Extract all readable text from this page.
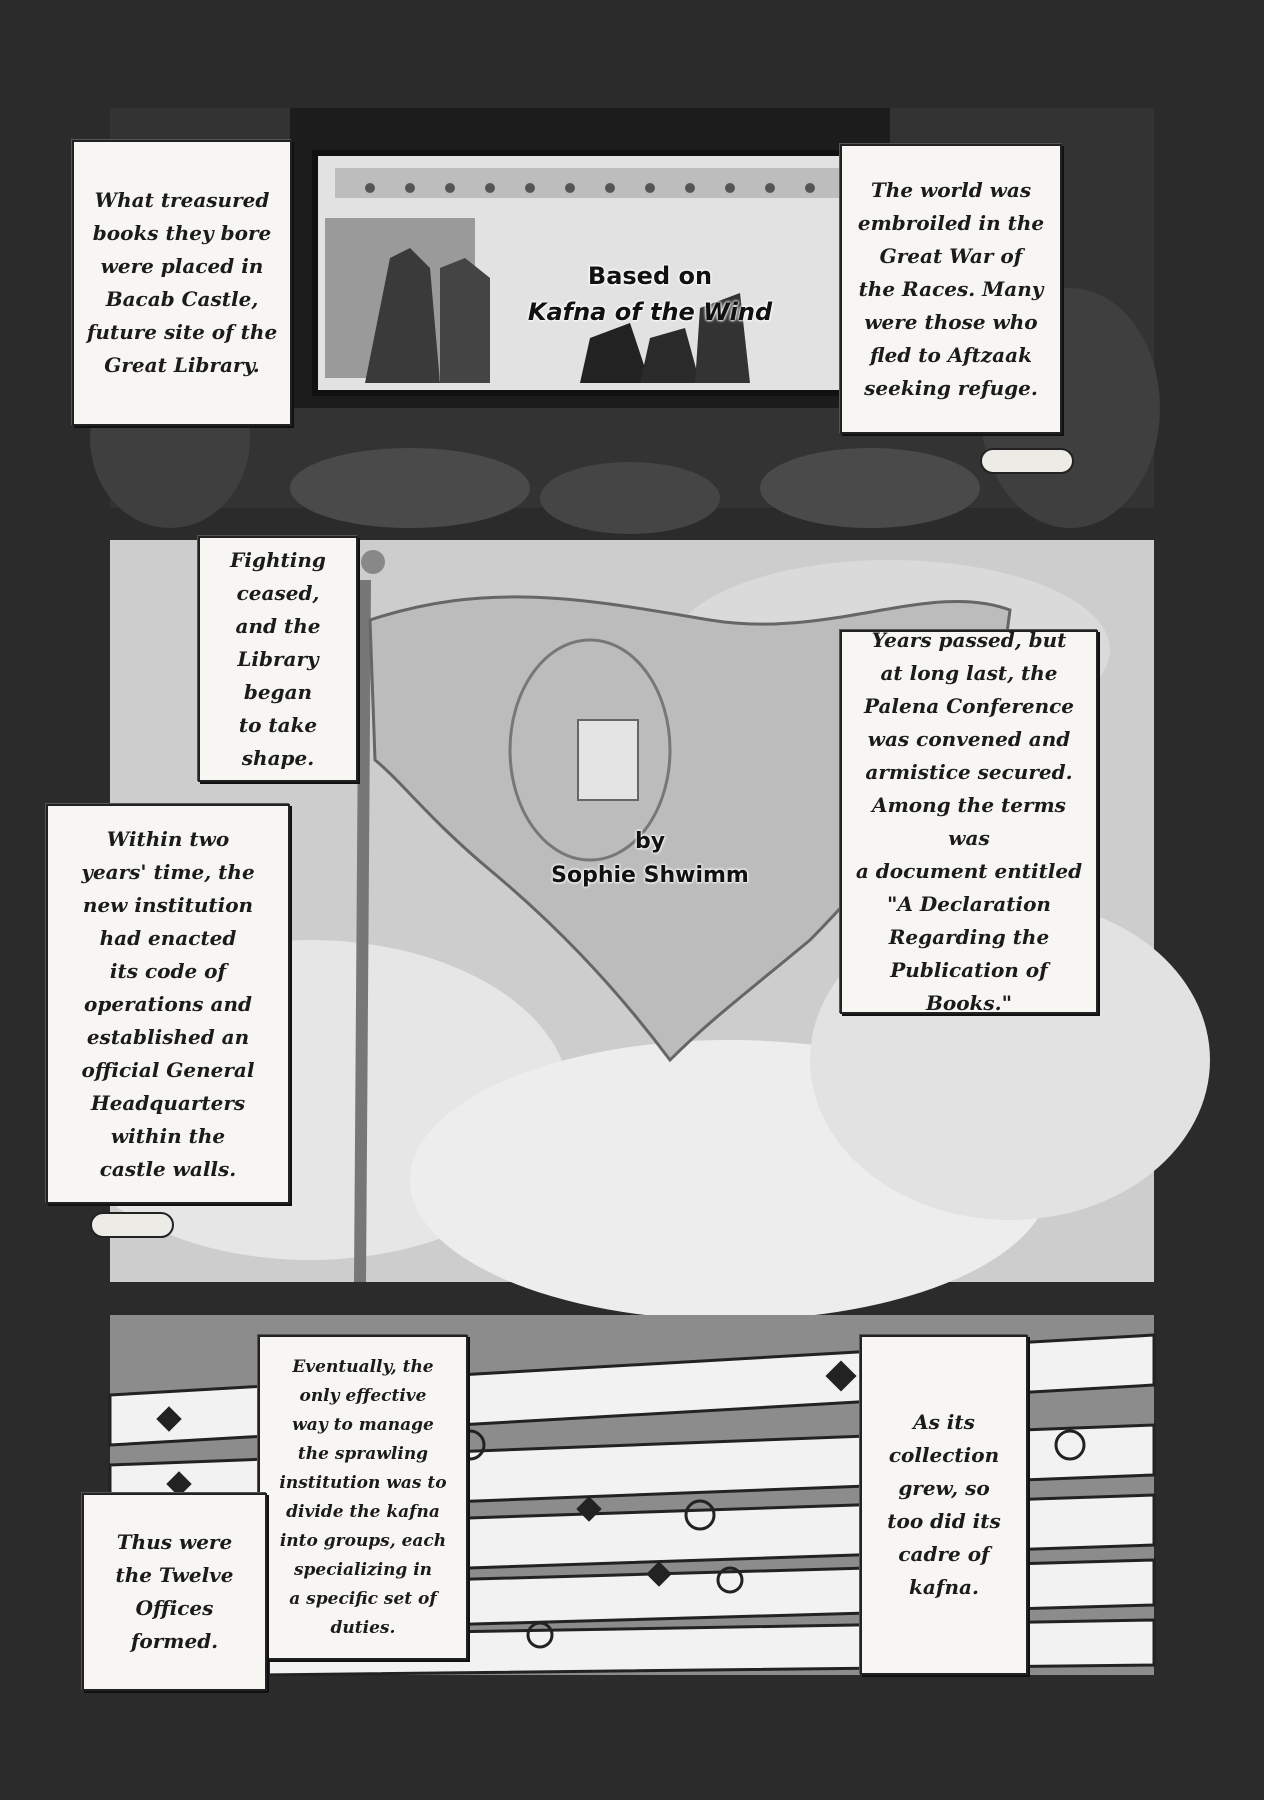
What treasured
books they bore
were placed in
Bacab Castle,
future site of the
Great Library.
The world was
embroiled in the
Great War of
the Races. Many
were those who
fled to Aftzaak
seeking refuge.
Based on
Kafna of the Wind
Fighting
ceased,
and the
Library
began
to take
shape.
Within two
years' time, the
new institution
had enacted
its code of
operations and
established an
official General
Headquarters
within the
castle walls.
Years passed, but
at long last, the
Palena Conference
was convened and
armistice secured.
Among the terms was
a document entitled
"A Declaration
Regarding the
Publication of
Books."
by
Sophie Shwimm
Eventually, the
only effective
way to manage
the sprawling
institution was to
divide the kafna
into groups, each
specializing in
a specific set of
duties.
As its
collection
grew, so
too did its
cadre of
kafna.
Thus were
the Twelve
Offices
formed.
